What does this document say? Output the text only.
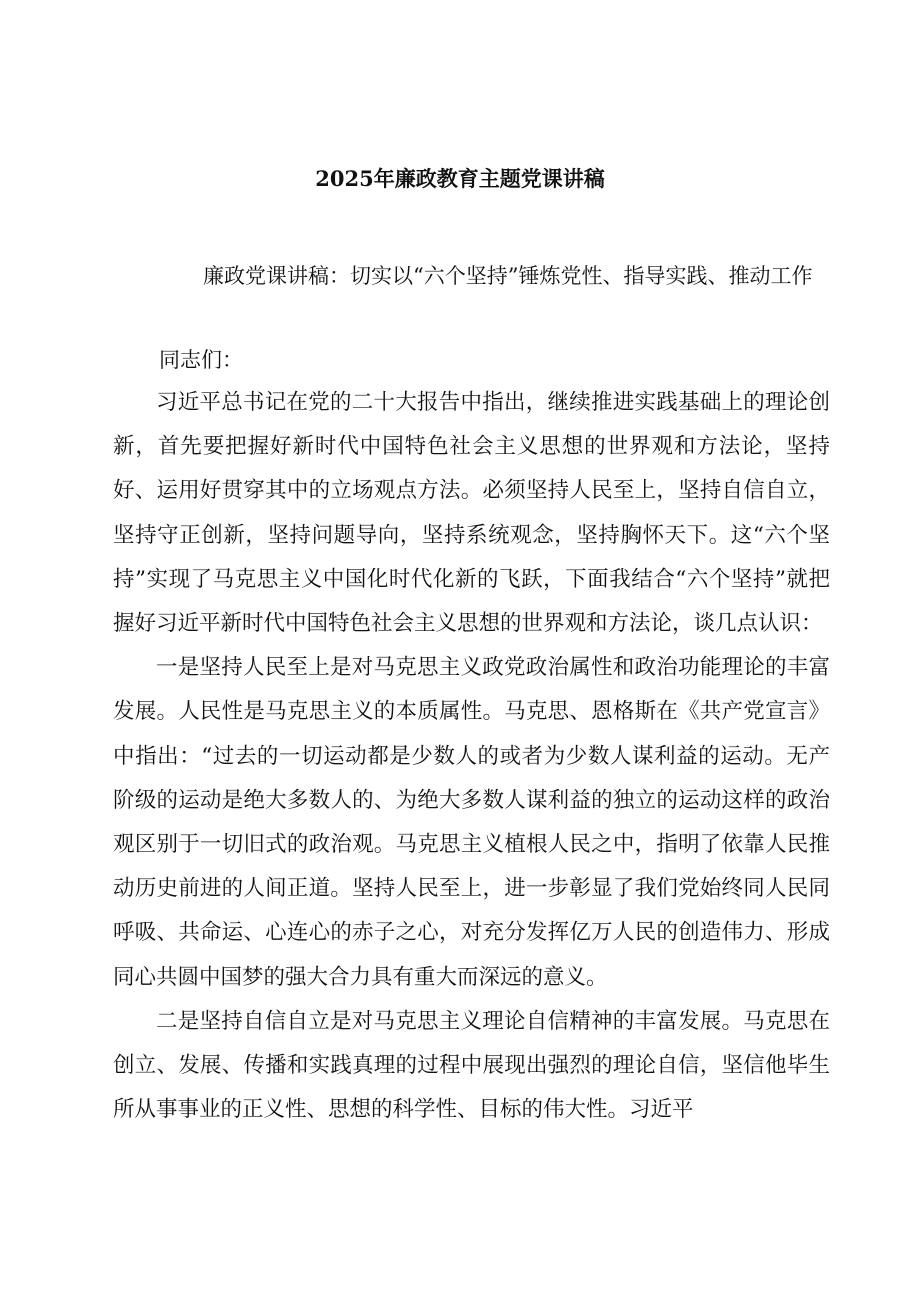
2025年廉政教育主题党课讲稿
廉政党课讲稿：切实以“六个坚持”锤炼党性、指导实践、推动工作
同志们：

习近平总书记在党的二十大报告中指出，继续推进实践基础上的理论创新，首先要把握好新时代中国特色社会主义思想的世界观和方法论，坚持好、运用好贯穿其中的立场观点方法。必须坚持人民至上，坚持自信自立，坚持守正创新，坚持问题导向，坚持系统观念，坚持胸怀天下。这“六个坚持”实现了马克思主义中国化时代化新的飞跃，下面我结合“六个坚持”就把握好习近平新时代中国特色社会主义思想的世界观和方法论，谈几点认识：

一是坚持人民至上是对马克思主义政党政治属性和政治功能理论的丰富发展。人民性是马克思主义的本质属性。马克思、恩格斯在《共产党宣言》中指出：“过去的一切运动都是少数人的或者为少数人谋利益的运动。无产阶级的运动是绝大多数人的、为绝大多数人谋利益的独立的运动这样的政治观区别于一切旧式的政治观。马克思主义植根人民之中，指明了依靠人民推动历史前进的人间正道。坚持人民至上，进一步彰显了我们党始终同人民同呼吸、共命运、心连心的赤子之心，对充分发挥亿万人民的创造伟力、形成同心共圆中国梦的强大合力具有重大而深远的意义。

二是坚持自信自立是对马克思主义理论自信精神的丰富发展。马克思在创立、发展、传播和实践真理的过程中展现出强烈的理论自信，坚信他毕生所从事事业的正义性、思想的科学性、目标的伟大性。习近平
